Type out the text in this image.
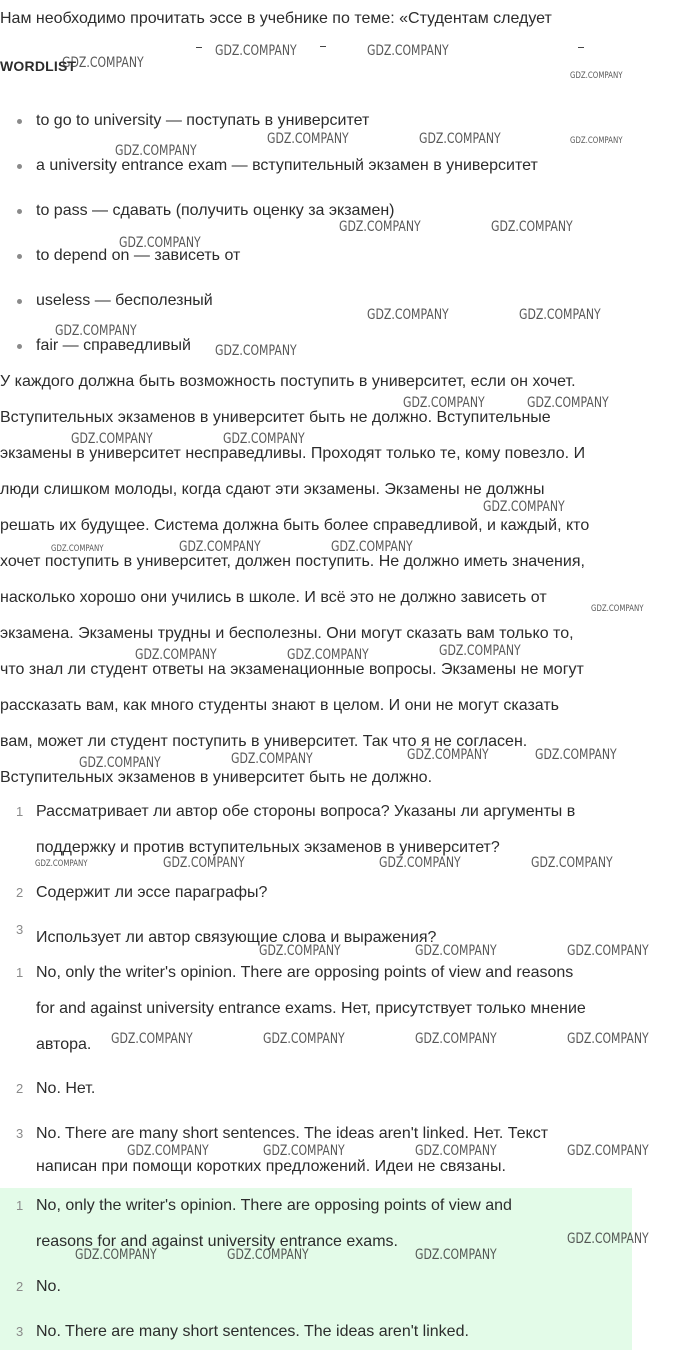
Нам необходимо прочитать эссе в учебнике по теме: «Студентам следует
WORDLIST
to go to university — поступать в университет
a university entrance exam — вступительный экзамен в университет
to pass — сдавать (получить оценку за экзамен)
to depend on — зависеть от
useless — бесполезный
fair — справедливый
У каждого должна быть возможность поступить в университет, если он хочет.
Вступительных экзаменов в университет быть не должно. Вступительные
экзамены в университет несправедливы. Проходят только те, кому повезло. И
люди слишком молоды, когда сдают эти экзамены. Экзамены не должны
решать их будущее. Система должна быть более справедливой, и каждый, кто
хочет поступить в университет, должен поступить. Не должно иметь значения,
насколько хорошо они учились в школе. И всё это не должно зависеть от
экзамена. Экзамены трудны и бесполезны. Они могут сказать вам только то,
что знал ли студент ответы на экзаменационные вопросы. Экзамены не могут
рассказать вам, как много студенты знают в целом. И они не могут сказать
вам, может ли студент поступить в университет. Так что я не согласен.
Вступительных экзаменов в университет быть не должно.
1 Рассматривает ли автор обе стороны вопроса? Указаны ли аргументы в
поддержку и против вступительных экзаменов в университет?
2 Содержит ли эссе параграфы?
3 Использует ли автор связующие слова и выражения?
1 No, only the writer's opinion. There are opposing points of view and reasons
for and against university entrance exams. Нет, присутствует только мнение
автора.
2 No. Нет.
3 No. There are many short sentences. The ideas aren't linked. Нет. Текст
написан при помощи коротких предложений. Идеи не связаны.
1 No, only the writer's opinion. There are opposing points of view and
reasons for and against university entrance exams.
2 No.
3 No. There are many short sentences. The ideas aren't linked.
GDZ.COMPANY
GDZ.COMPANY	GDZ.COMPANY
GDZ.COMPANY
GDZ.COMPANY	GDZ.COMPANY	GDZ.COMPANY
GDZ.COMPANY
GDZ.COMPANY	GDZ.COMPANY
GDZ.COMPANY
GDZ.COMPANY	GDZ.COMPANY
GDZ.COMPANY
GDZ.COMPANY
GDZ.COMPANY	GDZ.COMPANY
GDZ.COMPANY	GDZ.COMPANY
GDZ.COMPANY
GDZ.COMPANY	GDZ.COMPANY	GDZ.COMPANY
GDZ.COMPANY
GDZ.COMPANY	GDZ.COMPANY	GDZ.COMPANY
GDZ.COMPANY	GDZ.COMPANY	GDZ.COMPANY	GDZ.COMPANY
GDZ.COMPANY	GDZ.COMPANY	GDZ.COMPANY	GDZ.COMPANY
GDZ.COMPANY	GDZ.COMPANY	GDZ.COMPANY
GDZ.COMPANY	GDZ.COMPANY	GDZ.COMPANY	GDZ.COMPANY
GDZ.COMPANY	GDZ.COMPANY	GDZ.COMPANY	GDZ.COMPANY
GDZ.COMPANY
GDZ.COMPANY	GDZ.COMPANY	GDZ.COMPANY
